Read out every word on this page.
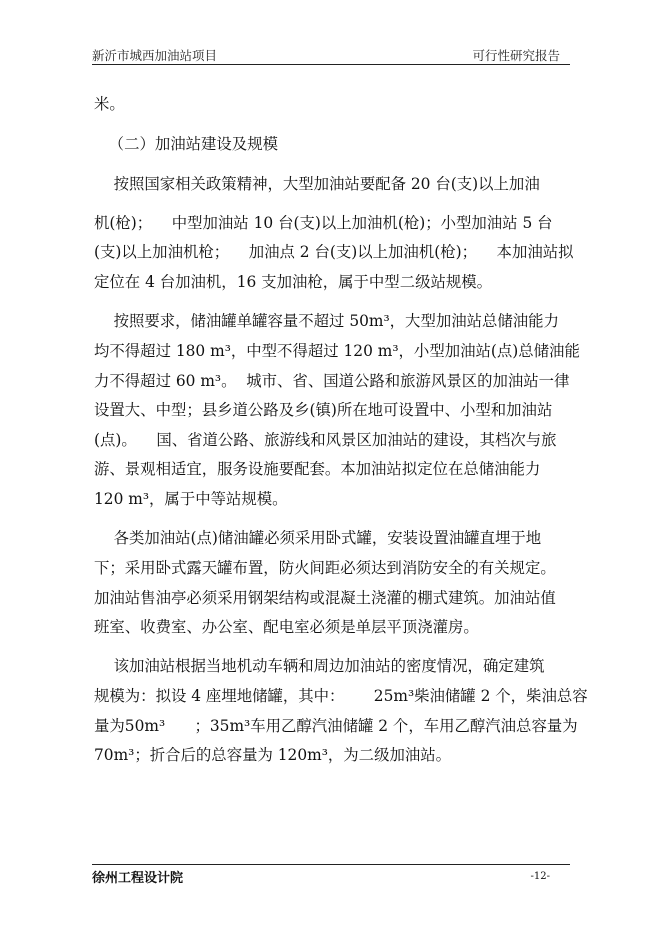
新沂市城西加油站项目	可行性研究报告
米。
（二）加油站建设及规模
按照国家相关政策精神，大型加油站要配备 20 台(支)以上加油
机(枪)；    中型加油站 10 台(支)以上加油机(枪)；小型加油站 5 台
(支)以上加油机枪；    加油点 2 台(支)以上加油机(枪)；    本加油站拟
定位在 4 台加油机，16 支加油枪，属于中型二级站规模。
按照要求，储油罐单罐容量不超过 50m³，大型加油站总储油能力
均不得超过 180 m³，中型不得超过 120 m³，小型加油站(点)总储油能
力不得超过 60 m³。  城市、省、国道公路和旅游风景区的加油站一律
设置大、中型；县乡道公路及乡(镇)所在地可设置中、小型和加油站
(点)。    国、省道公路、旅游线和风景区加油站的建设，其档次与旅
游、景观相适宜，服务设施要配套。本加油站拟定位在总储油能力
120 m³，属于中等站规模。
各类加油站(点)储油罐必须采用卧式罐，安装设置油罐直埋于地
下；采用卧式露天罐布置，防火间距必须达到消防安全的有关规定。
加油站售油亭必须采用钢架结构或混凝土浇灌的棚式建筑。加油站值
班室、收费室、办公室、配电室必须是单层平顶浇灌房。
该加油站根据当地机动车辆和周边加油站的密度情况，确定建筑
规模为：拟设 4 座埋地储罐，其中：      25m³柴油储罐 2 个，柴油总容
量为50m³      ；35m³车用乙醇汽油储罐 2 个，车用乙醇汽油总容量为
70m³；折合后的总容量为 120m³，为二级加油站。
徐州工程设计院	-12-
